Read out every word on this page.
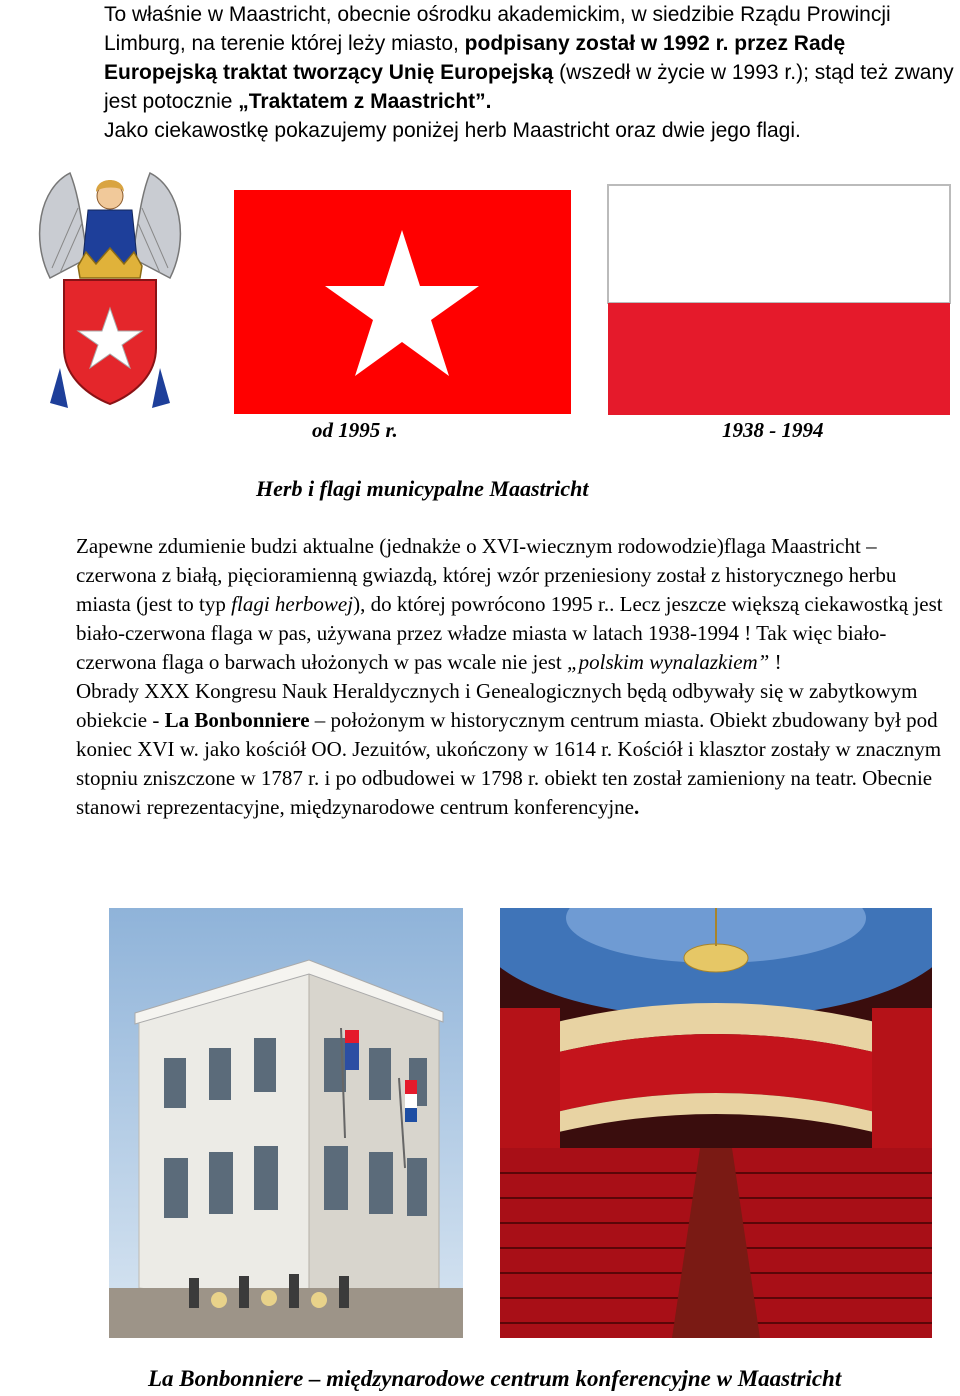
To właśnie w Maastricht, obecnie ośrodku akademickim, w siedzibie Rządu Prowincji Limburg, na terenie której leży miasto, podpisany został w 1992 r. przez Radę Europejską traktat tworzący Unię Europejską (wszedł w życie w 1993 r.); stąd też zwany jest potocznie „Traktatem z Maastricht”.

Jako ciekawostkę pokazujemy poniżej herb Maastricht oraz dwie jego flagi.

od 1995 r.	1938 - 1994
Herb i flagi municypalne Maastricht

Zapewne zdumienie budzi aktualne (jednakże o XVI-wiecznym rodowodzie)flaga Maastricht – czerwona z białą, pięcioramienną gwiazdą, której wzór przeniesiony został z historycznego herbu miasta (jest to typ flagi herbowej), do której powrócono 1995 r.. Lecz jeszcze większą ciekawostką jest biało-czerwona flaga w pas, używana przez władze miasta w latach 1938-1994 ! Tak więc biało-czerwona flaga o barwach ułożonych w pas wcale nie jest „polskim wynalazkiem” !

Obrady XXX Kongresu Nauk Heraldycznych i Genealogicznych będą odbywały się w zabytkowym obiekcie - La Bonbonniere – położonym w historycznym centrum miasta. Obiekt zbudowany był pod koniec XVI w. jako kościół OO. Jezuitów, ukończony w 1614 r. Kościół i klasztor zostały w znacznym stopniu zniszczone w 1787 r. i po odbudowei w 1798 r. obiekt ten został zamieniony na teatr. Obecnie stanowi reprezentacyjne, międzynarodowe centrum konferencyjne.

La Bonbonniere – międzynarodowe centrum konferencyjne w Maastricht
